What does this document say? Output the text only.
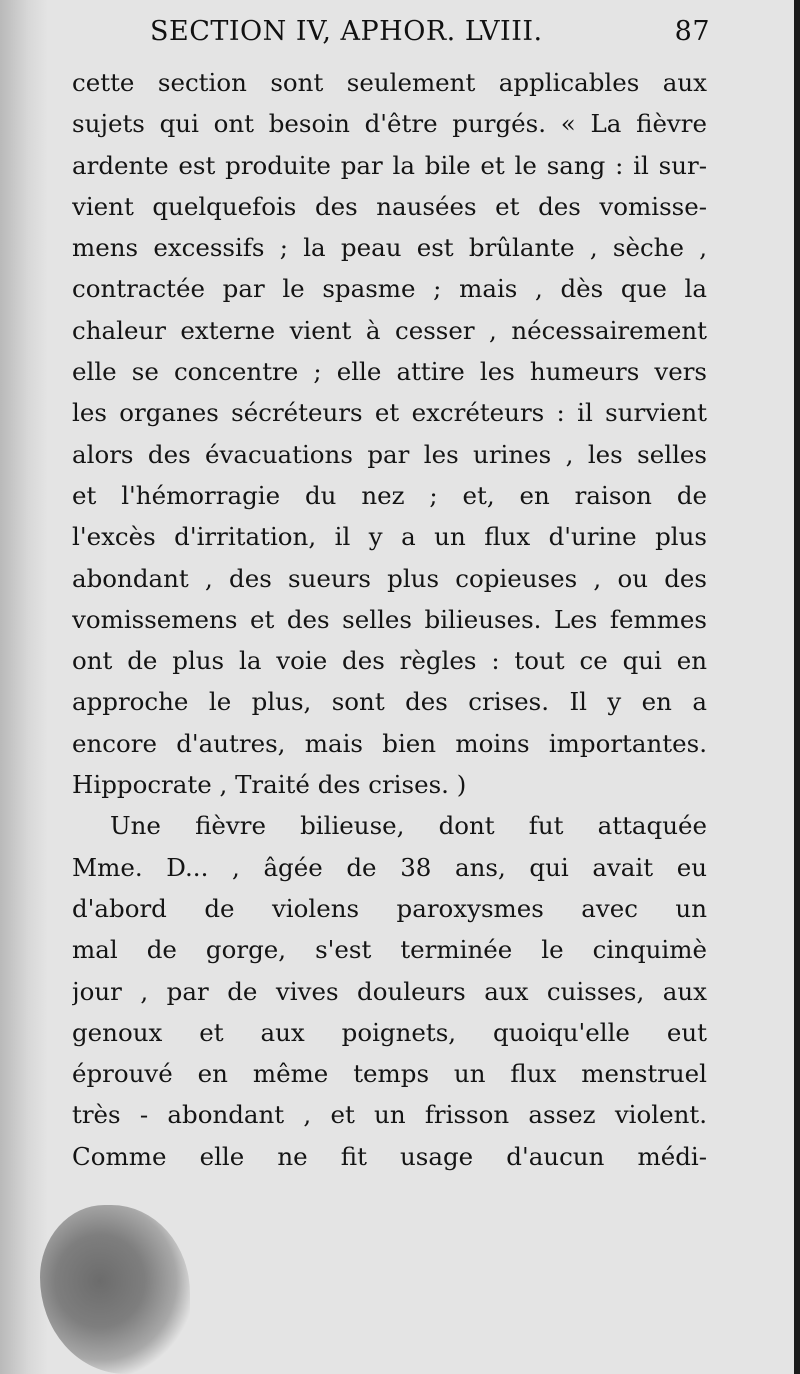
SECTION IV, APHOR. LVIII.	87
cette section sont seulement applicables aux
sujets qui ont besoin d'être purgés. « La fièvre
ardente est produite par la bile et le sang : il sur-
vient quelquefois des nausées et des vomisse-
mens excessifs ; la peau est brûlante , sèche ,
contractée par le spasme ; mais , dès que la
chaleur externe vient à cesser , nécessairement
elle se concentre ; elle attire les humeurs vers
les organes sécréteurs et excréteurs : il survient
alors des évacuations par les urines , les selles
et l'hémorragie du nez ; et, en raison de
l'excès d'irritation, il y a un flux d'urine plus
abondant , des sueurs plus copieuses , ou des
vomissemens et des selles bilieuses. Les femmes
ont de plus la voie des règles : tout ce qui en
approche le plus, sont des crises. Il y en a
encore d'autres, mais bien moins importantes.
Hippocrate , Traité des crises. )
Une fièvre bilieuse, dont fut attaquée
Mme. D... , âgée de 38 ans, qui avait eu
d'abord de violens paroxysmes avec un
mal de gorge, s'est terminée le cinquimè
jour , par de vives douleurs aux cuisses, aux
genoux et aux poignets, quoiqu'elle eut
éprouvé en même temps un flux menstruel
très - abondant , et un frisson assez violent.
Comme elle ne fit usage d'aucun médi-
